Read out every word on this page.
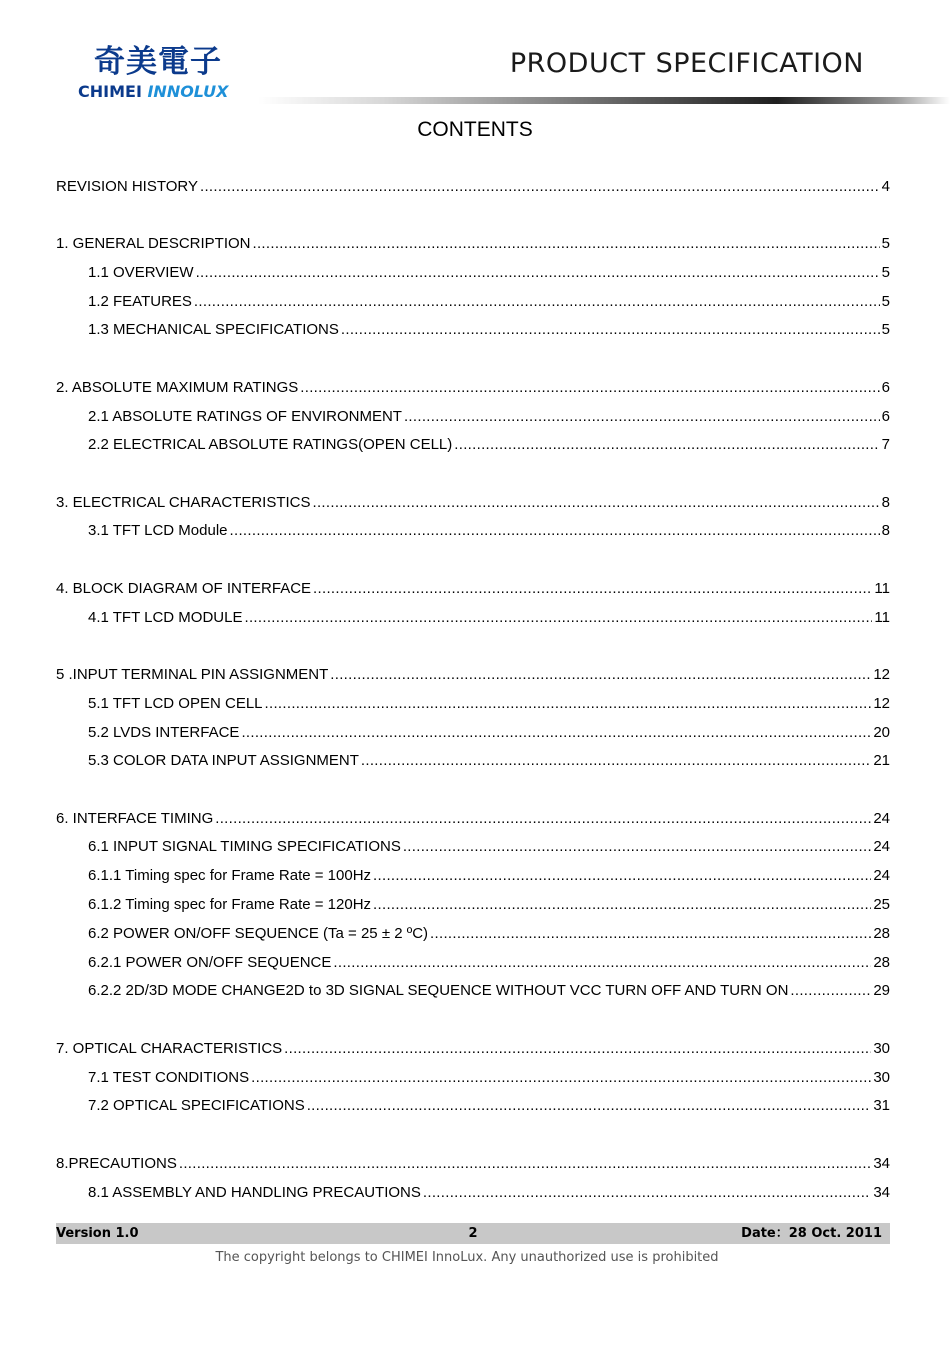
奇美電子
CHIMEI INNOLUX
PRODUCT SPECIFICATION
CONTENTS
REVISION HISTORY .....	4
1. GENERAL DESCRIPTION .....	5
1.1 OVERVIEW .....	5
1.2 FEATURES .....	5
1.3 MECHANICAL SPECIFICATIONS .....	5
2. ABSOLUTE MAXIMUM RATINGS .....	6
2.1 ABSOLUTE RATINGS OF ENVIRONMENT .....	6
2.2 ELECTRICAL ABSOLUTE RATINGS(OPEN CELL) .....	7
3. ELECTRICAL CHARACTERISTICS .....	8
3.1 TFT LCD Module .....	8
4. BLOCK DIAGRAM OF INTERFACE .....	11
4.1 TFT LCD MODULE .....	11
5 .INPUT TERMINAL PIN ASSIGNMENT .....	12
5.1 TFT LCD OPEN CELL .....	12
5.2 LVDS INTERFACE .....	20
5.3 COLOR DATA INPUT ASSIGNMENT .....	21
6. INTERFACE TIMING .....	24
6.1 INPUT SIGNAL TIMING SPECIFICATIONS .....	24
6.1.1 Timing spec for Frame Rate = 100Hz .....	24
6.1.2 Timing spec for Frame Rate = 120Hz .....	25
6.2 POWER ON/OFF SEQUENCE (Ta = 25 ± 2 ºC) .....	28
6.2.1 POWER ON/OFF SEQUENCE .....	28
6.2.2 2D/3D MODE CHANGE2D to 3D SIGNAL SEQUENCE WITHOUT VCC TURN OFF AND TURN ON .....	29
7. OPTICAL CHARACTERISTICS .....	30
7.1 TEST CONDITIONS .....	30
7.2 OPTICAL SPECIFICATIONS .....	31
8.PRECAUTIONS .....	34
8.1 ASSEMBLY AND HANDLING PRECAUTIONS .....	34
2
Version 1.0	Date：28 Oct. 2011
The copyright belongs to CHIMEI InnoLux. Any unauthorized use is prohibited
